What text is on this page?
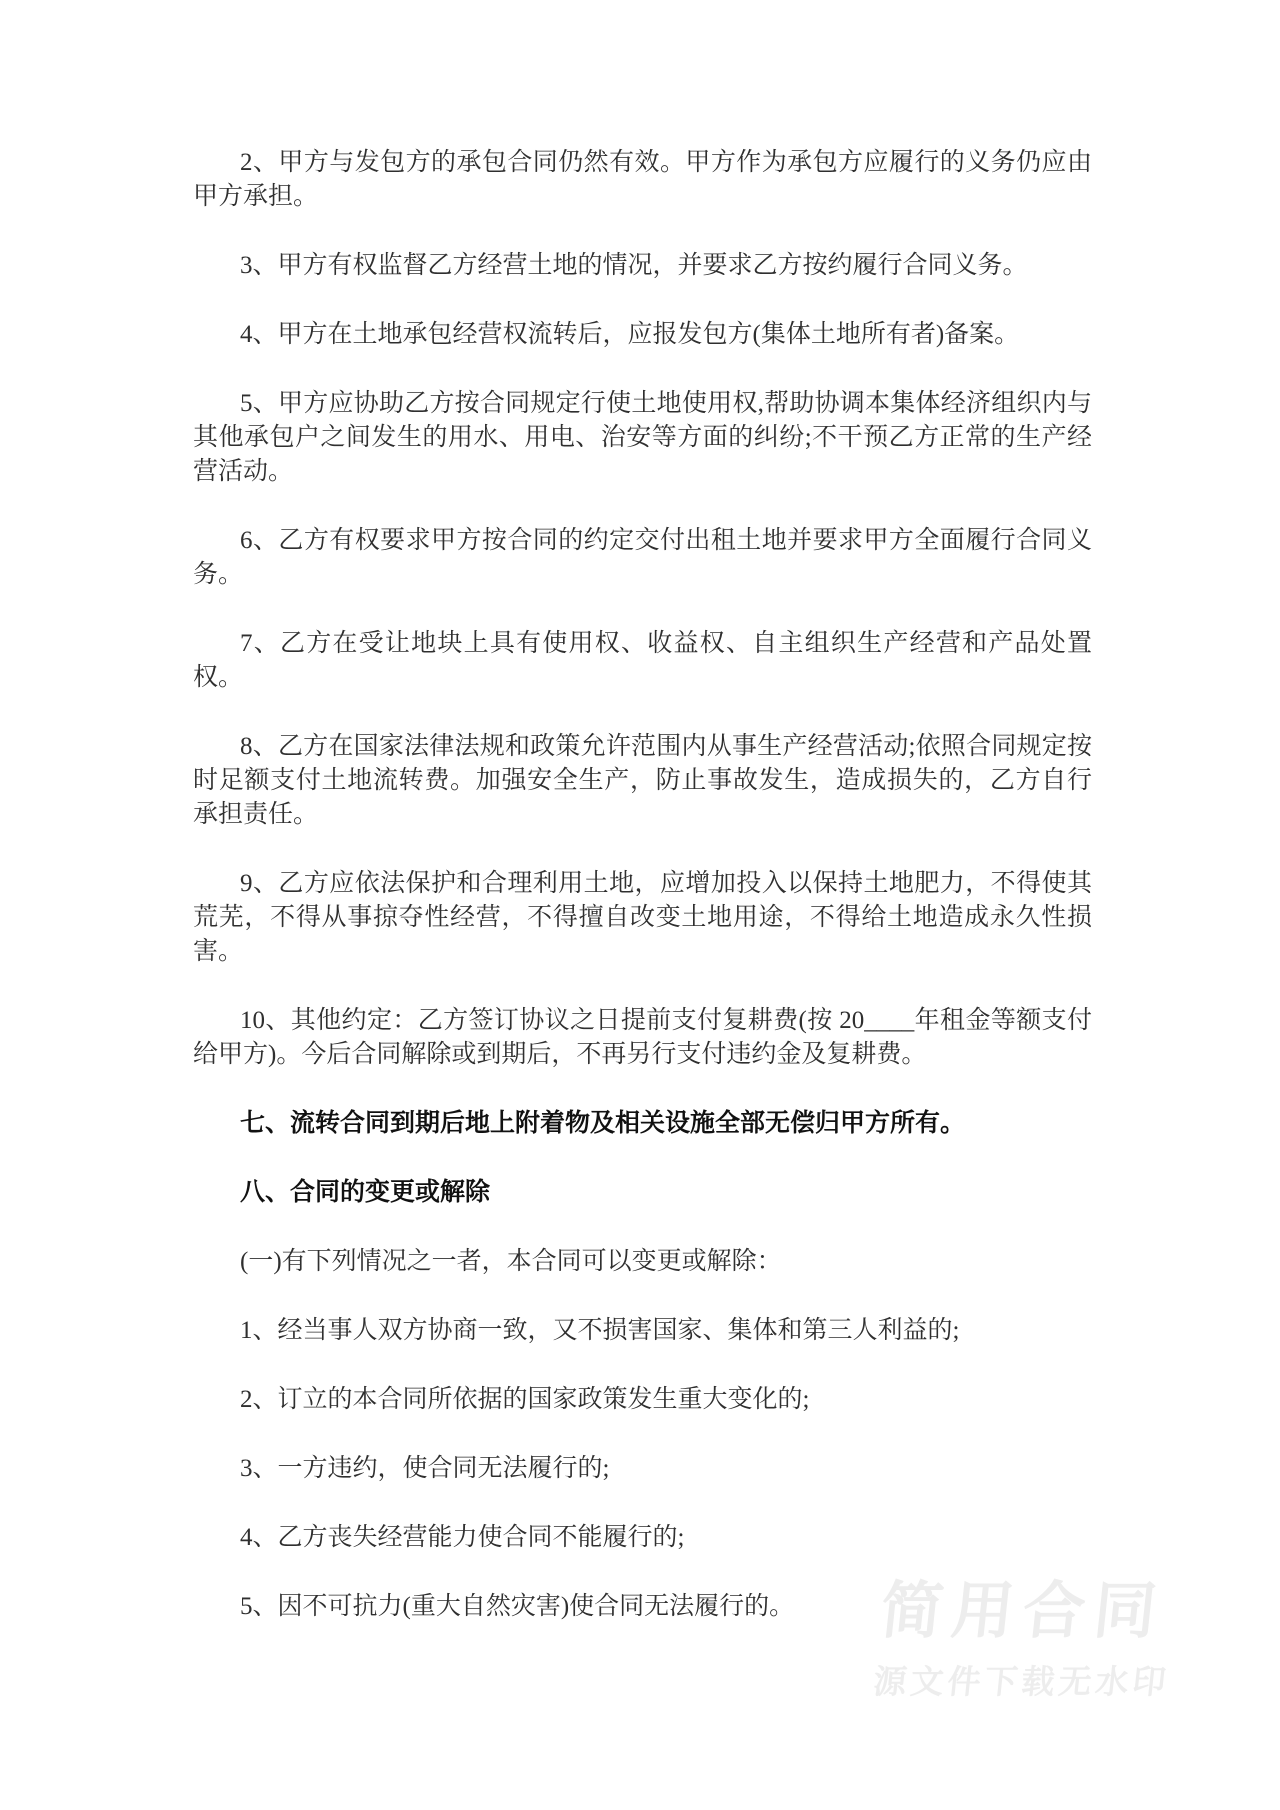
2、甲方与发包方的承包合同仍然有效。甲方作为承包方应履行的义务仍应由甲方承担。

3、甲方有权监督乙方经营土地的情况，并要求乙方按约履行合同义务。

4、甲方在土地承包经营权流转后，应报发包方(集体土地所有者)备案。

5、甲方应协助乙方按合同规定行使土地使用权,帮助协调本集体经济组织内与其他承包户之间发生的用水、用电、治安等方面的纠纷;不干预乙方正常的生产经营活动。

6、乙方有权要求甲方按合同的约定交付出租土地并要求甲方全面履行合同义务。

7、乙方在受让地块上具有使用权、收益权、自主组织生产经营和产品处置权。

8、乙方在国家法律法规和政策允许范围内从事生产经营活动;依照合同规定按时足额支付土地流转费。加强安全生产，防止事故发生，造成损失的，乙方自行承担责任。

9、乙方应依法保护和合理利用土地，应增加投入以保持土地肥力，不得使其荒芜，不得从事掠夺性经营，不得擅自改变土地用途，不得给土地造成永久性损害。

10、其他约定：乙方签订协议之日提前支付复耕费(按 20____年租金等额支付给甲方)。今后合同解除或到期后，不再另行支付违约金及复耕费。

七、流转合同到期后地上附着物及相关设施全部无偿归甲方所有。

八、合同的变更或解除

(一)有下列情况之一者，本合同可以变更或解除：

1、经当事人双方协商一致，又不损害国家、集体和第三人利益的;

2、订立的本合同所依据的国家政策发生重大变化的;

3、一方违约，使合同无法履行的;

4、乙方丧失经营能力使合同不能履行的;

5、因不可抗力(重大自然灾害)使合同无法履行的。	简用合同
源文件下载无水印
